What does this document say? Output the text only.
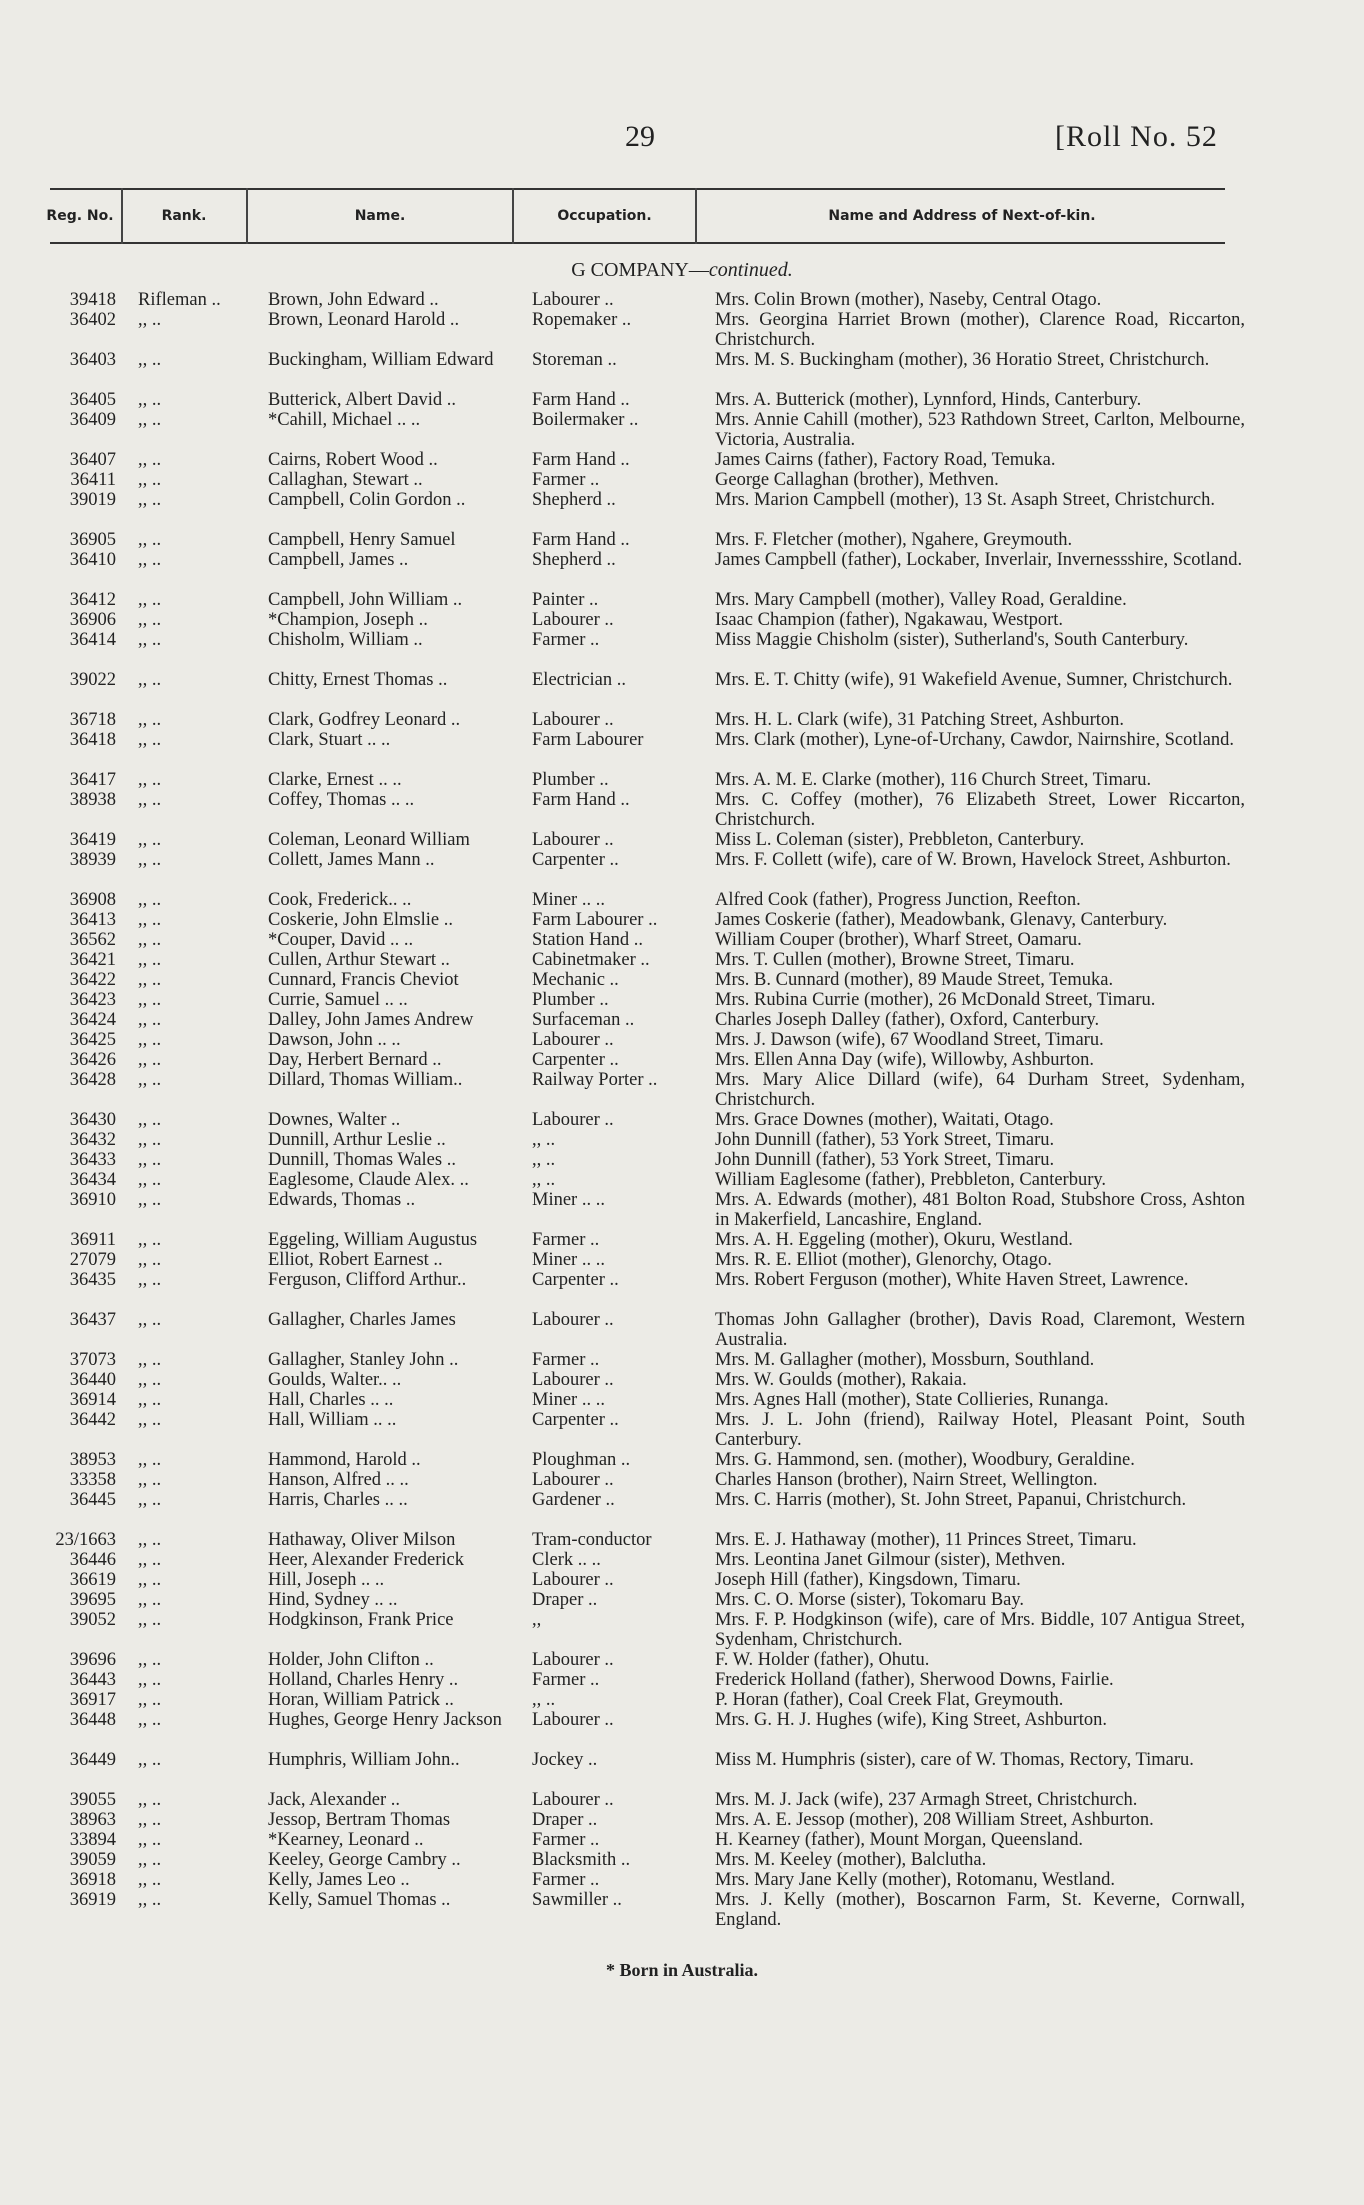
29	[Roll No. 52
Reg. No.	Rank.	Name.	Occupation.	Name and Address of Next-of-kin.
G COMPANY—continued.
39418 Rifleman ..	Brown, John Edward ..	Labourer ..	Mrs. Colin Brown (mother), Naseby, Central Otago.
36402 ,, ..	Brown, Leonard Harold ..	Ropemaker ..	Mrs. Georgina Harriet Brown (mother), Clarence Road, Riccarton, Christchurch.
36403 ,, ..	Buckingham, William Edward	Storeman ..	Mrs. M. S. Buckingham (mother), 36 Horatio Street, Christchurch.
36405 ,, ..	Butterick, Albert David ..	Farm Hand ..	Mrs. A. Butterick (mother), Lynnford, Hinds, Canterbury.
36409 ,, ..	*Cahill, Michael .. ..	Boilermaker ..	Mrs. Annie Cahill (mother), 523 Rathdown Street, Carlton, Melbourne, Victoria, Australia.
36407 ,, ..	Cairns, Robert Wood ..	Farm Hand ..	James Cairns (father), Factory Road, Temuka.
36411 ,, ..	Callaghan, Stewart ..	Farmer ..	George Callaghan (brother), Methven.
39019 ,, ..	Campbell, Colin Gordon ..	Shepherd ..	Mrs. Marion Campbell (mother), 13 St. Asaph Street, Christchurch.
36905 ,, ..	Campbell, Henry Samuel	Farm Hand ..	Mrs. F. Fletcher (mother), Ngahere, Greymouth.
36410 ,, ..	Campbell, James ..	Shepherd ..	James Campbell (father), Lockaber, Inverlair, Invernessshire, Scotland.
36412 ,, ..	Campbell, John William ..	Painter ..	Mrs. Mary Campbell (mother), Valley Road, Geraldine.
36906 ,, ..	*Champion, Joseph ..	Labourer ..	Isaac Champion (father), Ngakawau, Westport.
36414 ,, ..	Chisholm, William ..	Farmer ..	Miss Maggie Chisholm (sister), Sutherland's, South Canterbury.
39022 ,, ..	Chitty, Ernest Thomas ..	Electrician ..	Mrs. E. T. Chitty (wife), 91 Wakefield Avenue, Sumner, Christchurch.
36718 ,, ..	Clark, Godfrey Leonard ..	Labourer ..	Mrs. H. L. Clark (wife), 31 Patching Street, Ashburton.
36418 ,, ..	Clark, Stuart .. ..	Farm Labourer	Mrs. Clark (mother), Lyne-of-Urchany, Cawdor, Nairnshire, Scotland.
36417 ,, ..	Clarke, Ernest .. ..	Plumber ..	Mrs. A. M. E. Clarke (mother), 116 Church Street, Timaru.
38938 ,, ..	Coffey, Thomas .. ..	Farm Hand ..	Mrs. C. Coffey (mother), 76 Elizabeth Street, Lower Riccarton, Christchurch.
36419 ,, ..	Coleman, Leonard William	Labourer ..	Miss L. Coleman (sister), Prebbleton, Canterbury.
38939 ,, ..	Collett, James Mann ..	Carpenter ..	Mrs. F. Collett (wife), care of W. Brown, Havelock Street, Ashburton.
36908 ,, ..	Cook, Frederick.. ..	Miner .. ..	Alfred Cook (father), Progress Junction, Reefton.
36413 ,, ..	Coskerie, John Elmslie ..	Farm Labourer ..	James Coskerie (father), Meadowbank, Glenavy, Canterbury.
36562 ,, ..	*Couper, David .. ..	Station Hand ..	William Couper (brother), Wharf Street, Oamaru.
36421 ,, ..	Cullen, Arthur Stewart ..	Cabinetmaker ..	Mrs. T. Cullen (mother), Browne Street, Timaru.
36422 ,, ..	Cunnard, Francis Cheviot	Mechanic ..	Mrs. B. Cunnard (mother), 89 Maude Street, Temuka.
36423 ,, ..	Currie, Samuel .. ..	Plumber ..	Mrs. Rubina Currie (mother), 26 McDonald Street, Timaru.
36424 ,, ..	Dalley, John James Andrew	Surfaceman ..	Charles Joseph Dalley (father), Oxford, Canterbury.
36425 ,, ..	Dawson, John .. ..	Labourer ..	Mrs. J. Dawson (wife), 67 Woodland Street, Timaru.
36426 ,, ..	Day, Herbert Bernard ..	Carpenter ..	Mrs. Ellen Anna Day (wife), Willowby, Ashburton.
36428 ,, ..	Dillard, Thomas William..	Railway Porter ..	Mrs. Mary Alice Dillard (wife), 64 Durham Street, Sydenham, Christchurch.
36430 ,, ..	Downes, Walter ..	Labourer ..	Mrs. Grace Downes (mother), Waitati, Otago.
36432 ,, ..	Dunnill, Arthur Leslie ..	,, ..	John Dunnill (father), 53 York Street, Timaru.
36433 ,, ..	Dunnill, Thomas Wales ..	,, ..	John Dunnill (father), 53 York Street, Timaru.
36434 ,, ..	Eaglesome, Claude Alex. ..	,, ..	William Eaglesome (father), Prebbleton, Canterbury.
36910 ,, ..	Edwards, Thomas ..	Miner .. ..	Mrs. A. Edwards (mother), 481 Bolton Road, Stubshore Cross, Ashton in Makerfield, Lancashire, England.
36911 ,, ..	Eggeling, William Augustus	Farmer ..	Mrs. A. H. Eggeling (mother), Okuru, Westland.
27079 ,, ..	Elliot, Robert Earnest ..	Miner .. ..	Mrs. R. E. Elliot (mother), Glenorchy, Otago.
36435 ,, ..	Ferguson, Clifford Arthur..	Carpenter ..	Mrs. Robert Ferguson (mother), White Haven Street, Lawrence.
36437 ,, ..	Gallagher, Charles James	Labourer ..	Thomas John Gallagher (brother), Davis Road, Claremont, Western Australia.
37073 ,, ..	Gallagher, Stanley John ..	Farmer ..	Mrs. M. Gallagher (mother), Mossburn, Southland.
36440 ,, ..	Goulds, Walter.. ..	Labourer ..	Mrs. W. Goulds (mother), Rakaia.
36914 ,, ..	Hall, Charles .. ..	Miner .. ..	Mrs. Agnes Hall (mother), State Collieries, Runanga.
36442 ,, ..	Hall, William .. ..	Carpenter ..	Mrs. J. L. John (friend), Railway Hotel, Pleasant Point, South Canterbury.
38953 ,, ..	Hammond, Harold ..	Ploughman ..	Mrs. G. Hammond, sen. (mother), Woodbury, Geraldine.
33358 ,, ..	Hanson, Alfred .. ..	Labourer ..	Charles Hanson (brother), Nairn Street, Wellington.
36445 ,, ..	Harris, Charles .. ..	Gardener ..	Mrs. C. Harris (mother), St. John Street, Papanui, Christchurch.
23/1663 ,, ..	Hathaway, Oliver Milson	Tram-conductor	Mrs. E. J. Hathaway (mother), 11 Princes Street, Timaru.
36446 ,, ..	Heer, Alexander Frederick	Clerk .. ..	Mrs. Leontina Janet Gilmour (sister), Methven.
36619 ,, ..	Hill, Joseph .. ..	Labourer ..	Joseph Hill (father), Kingsdown, Timaru.
39695 ,, ..	Hind, Sydney .. ..	Draper ..	Mrs. C. O. Morse (sister), Tokomaru Bay.
39052 ,, ..	Hodgkinson, Frank Price	,,	Mrs. F. P. Hodgkinson (wife), care of Mrs. Biddle, 107 Antigua Street, Sydenham, Christchurch.
39696 ,, ..	Holder, John Clifton ..	Labourer ..	F. W. Holder (father), Ohutu.
36443 ,, ..	Holland, Charles Henry ..	Farmer ..	Frederick Holland (father), Sherwood Downs, Fairlie.
36917 ,, ..	Horan, William Patrick ..	,, ..	P. Horan (father), Coal Creek Flat, Greymouth.
36448 ,, ..	Hughes, George Henry Jackson	Labourer ..	Mrs. G. H. J. Hughes (wife), King Street, Ashburton.
36449 ,, ..	Humphris, William John..	Jockey ..	Miss M. Humphris (sister), care of W. Thomas, Rectory, Timaru.
39055 ,, ..	Jack, Alexander ..	Labourer ..	Mrs. M. J. Jack (wife), 237 Armagh Street, Christchurch.
38963 ,, ..	Jessop, Bertram Thomas	Draper ..	Mrs. A. E. Jessop (mother), 208 William Street, Ashburton.
33894 ,, ..	*Kearney, Leonard ..	Farmer ..	H. Kearney (father), Mount Morgan, Queensland.
39059 ,, ..	Keeley, George Cambry ..	Blacksmith ..	Mrs. M. Keeley (mother), Balclutha.
36918 ,, ..	Kelly, James Leo ..	Farmer ..	Mrs. Mary Jane Kelly (mother), Rotomanu, Westland.
36919 ,, ..	Kelly, Samuel Thomas ..	Sawmiller ..	Mrs. J. Kelly (mother), Boscarnon Farm, St. Keverne, Cornwall, England.
* Born in Australia.
